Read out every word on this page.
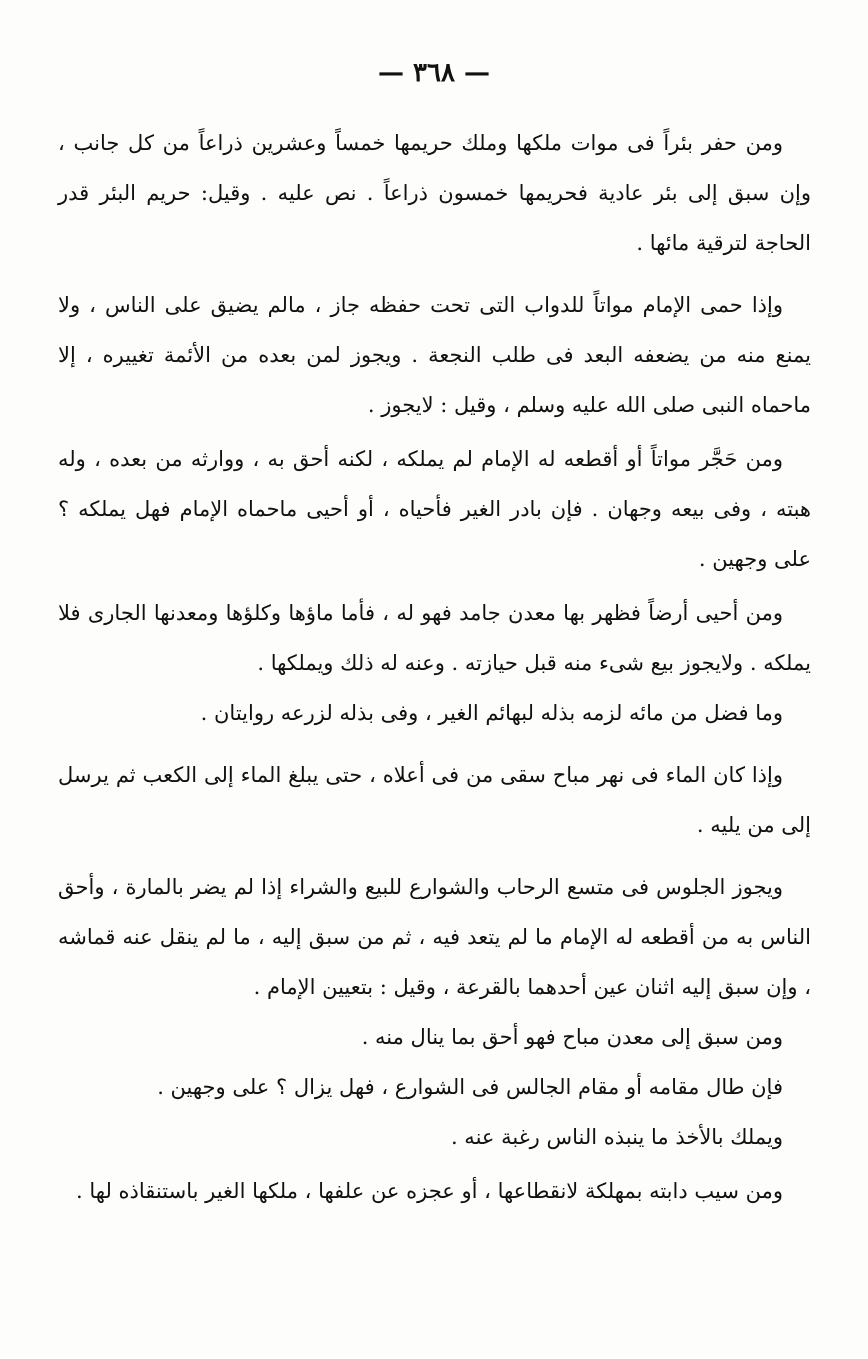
— ٣٦٨ —

ومن حفر بئراً فى موات ملكها وملك حريمها خمساً وعشرين ذراعاً من كل جانب ، وإن سبق إلى بئر عادية فحريمها خمسون ذراعاً . نص عليه . وقيل: حريم البئر قدر الحاجة لترقية مائها .

وإذا حمى الإمام مواتاً للدواب التى تحت حفظه جاز ، مالم يضيق على الناس ، ولا يمنع منه من يضعفه البعد فى طلب النجعة . ويجوز لمن بعده من الأئمة تغييره ، إلا ماحماه النبى صلى الله عليه وسلم ، وقيل : لايجوز .

ومن حَجَّر مواتاً أو أقطعه له الإمام لم يملكه ، لكنه أحق به ، ووارثه من بعده ، وله هبته ، وفى بيعه وجهان . فإن بادر الغير فأحياه ، أو أحيى ماحماه الإمام فهل يملكه ؟ على وجهين .

ومن أحيى أرضاً فظهر بها معدن جامد فهو له ، فأما ماؤها وكلؤها ومعدنها الجارى فلا يملكه . ولايجوز بيع شىء منه قبل حيازته . وعنه له ذلك ويملكها .

وما فضل من مائه لزمه بذله لبهائم الغير ، وفى بذله لزرعه روايتان .

وإذا كان الماء فى نهر مباح سقى من فى أعلاه ، حتى يبلغ الماء إلى الكعب ثم يرسل إلى من يليه .

ويجوز الجلوس فى متسع الرحاب والشوارع للبيع والشراء إذا لم يضر بالمارة ، وأحق الناس به من أقطعه له الإمام ما لم يتعد فيه ، ثم من سبق إليه ، ما لم ينقل عنه قماشه ، وإن سبق إليه اثنان عين أحدهما بالقرعة ، وقيل : بتعيين الإمام .

ومن سبق إلى معدن مباح فهو أحق بما ينال منه .

فإن طال مقامه أو مقام الجالس فى الشوارع ، فهل يزال ؟ على وجهين .

ويملك بالأخذ ما ينبذه الناس رغبة عنه .

ومن سيب دابته بمهلكة لانقطاعها ، أو عجزه عن علفها ، ملكها الغير باستنقاذه لها .
